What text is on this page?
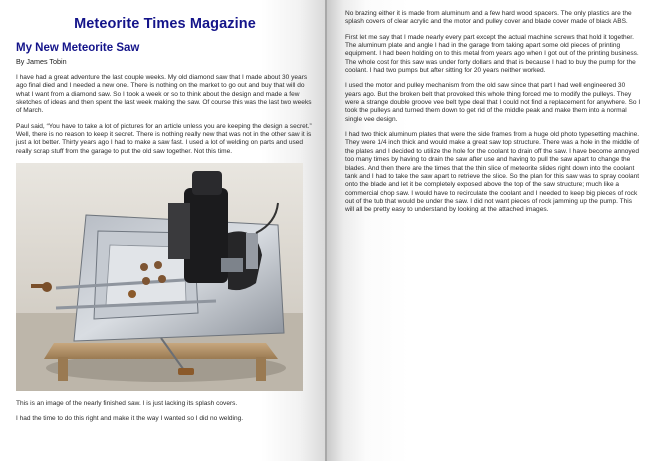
Meteorite Times Magazine
My New Meteorite Saw
By James Tobin

I have had a great adventure the last couple weeks. My old diamond saw that I made about 30 years ago final died and I needed a new one. There is nothing on the market to go out and buy that will do what I want from a diamond saw. So I took a week or so to think about the design and made a few sketches of ideas and then spent the last week making the saw. Of course this was the last two weeks of March.

Paul said, “You have to take a lot of pictures for an article unless you are keeping the design a secret.” Well, there is no reason to keep it secret. There is nothing really new that was not in the other saw it is just a lot better. Thirty years ago I had to make a saw fast. I used a lot of welding on parts and used really scrap stuff from the garage to put the old saw together. Not this time.

This is an image of the nearly finished saw. I is just lacking its splash covers.

I had the time to do this right and make it the way I wanted so I did no welding.

No brazing either it is made from aluminum and a few hard wood spacers. The only plastics are the splash covers of clear acrylic and the motor and pulley cover and blade cover made of black ABS.

First let me say that I made nearly every part except the actual machine screws that hold it together. The aluminum plate and angle I had in the garage from taking apart some old pieces of printing equipment. I had been holding on to this metal from years ago when I got out of the printing business. The whole cost for this saw was under forty dollars and that is because I had to buy the pump for the coolant. I had two pumps but after sitting for 20 years neither worked.

I used the motor and pulley mechanism from the old saw since that part I had well engineered 30 years ago. But the broken belt that provoked this whole thing forced me to modify the pulleys. They were a strange double groove vee belt type deal that I could not find a replacement for anywhere. So I took the pulleys and turned them down to get rid of the middle peak and make them into a normal single vee design.

I had two thick aluminum plates that were the side frames from a huge old photo typesetting machine. They were 1/4 inch thick and would make a great saw top structure. There was a hole in the middle of the plates and I decided to utilize the hole for the coolant to drain off the saw. I have become annoyed too many times by having to drain the saw after use and having to pull the saw apart to change the blades. And then there are the times that the thin slice of meteorite slides right down into the coolant tank and I had to take the saw apart to retrieve the slice. So the plan for this saw was to spray coolant onto the blade and let it be completely exposed above the top of the saw structure; much like a commercial chop saw. I would have to recirculate the coolant and I needed to keep big pieces of rock out of the tub that would be under the saw. I did not want pieces of rock jamming up the pump. This will all be pretty easy to understand by looking at the attached images.
